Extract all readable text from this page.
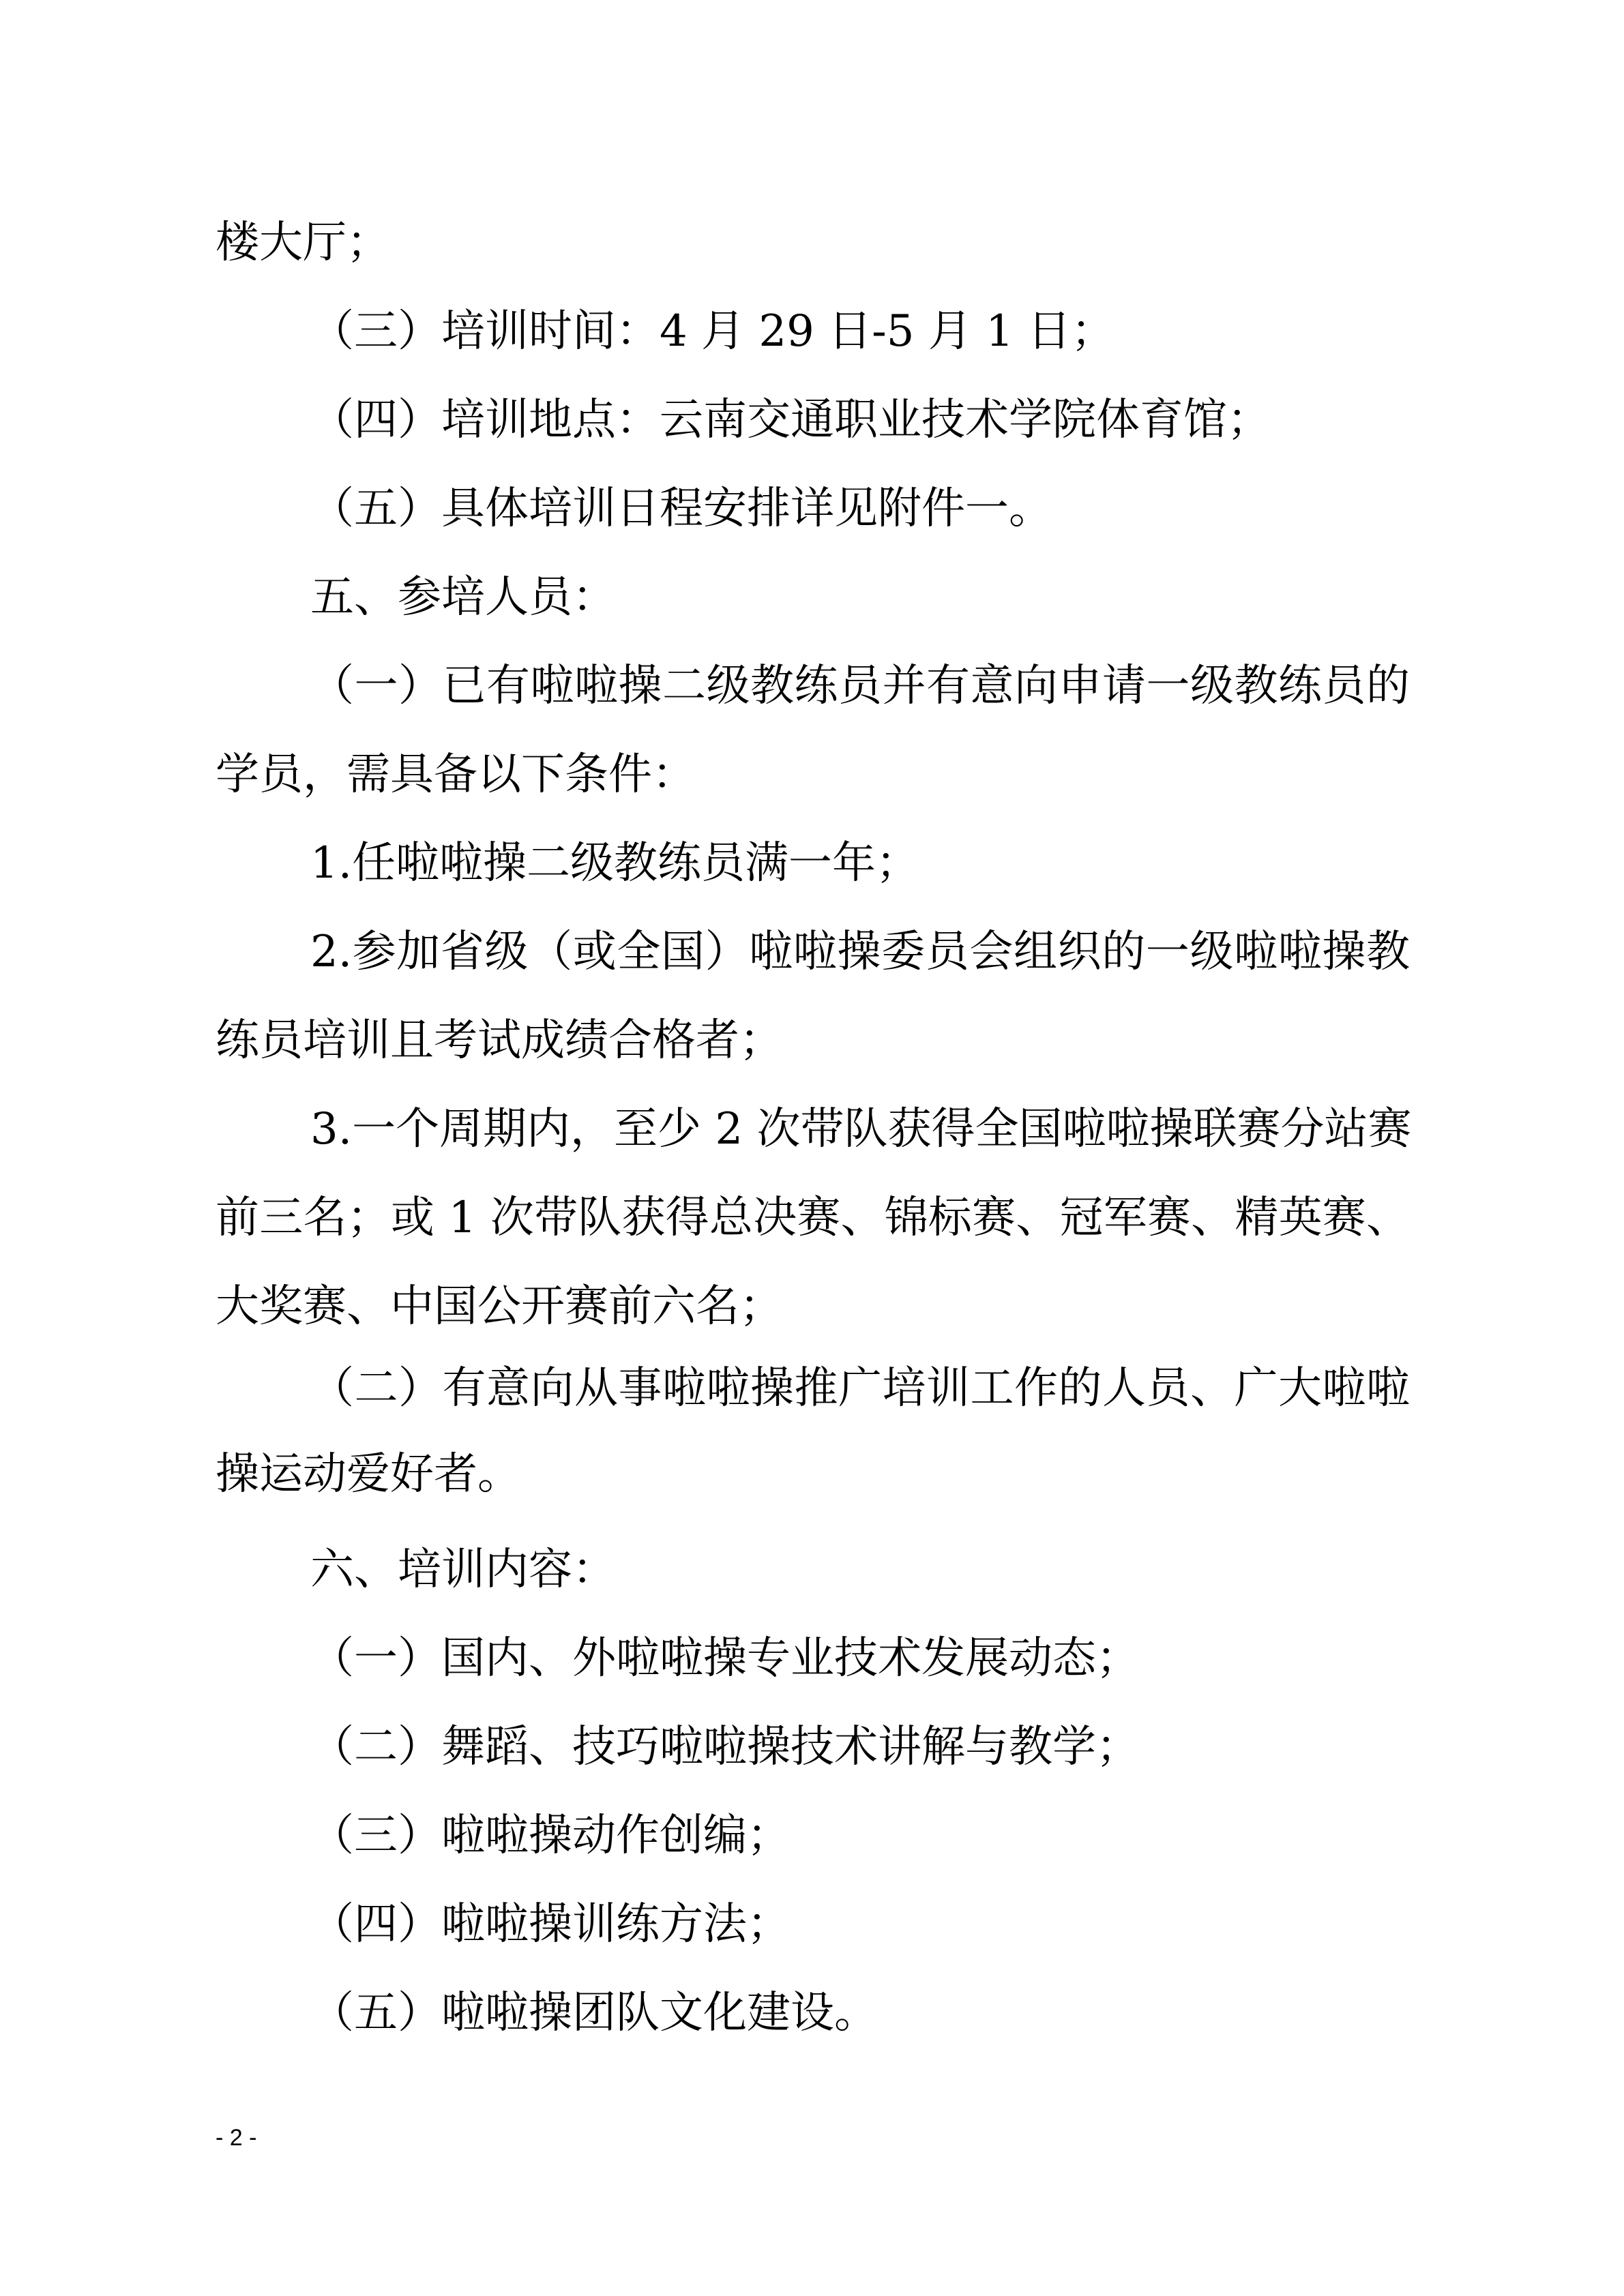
楼大厅；

（三）培训时间：4 月 29 日-5 月 1 日；

（四）培训地点：云南交通职业技术学院体育馆；

（五）具体培训日程安排详见附件一。

五、参培人员：

（一）已有啦啦操二级教练员并有意向申请一级教练员的

学员，需具备以下条件：

1.任啦啦操二级教练员满一年；

2.参加省级（或全国）啦啦操委员会组织的一级啦啦操教

练员培训且考试成绩合格者；

3.一个周期内，至少 2 次带队获得全国啦啦操联赛分站赛

前三名；或 1 次带队获得总决赛、锦标赛、冠军赛、精英赛、

大奖赛、中国公开赛前六名；

（二）有意向从事啦啦操推广培训工作的人员、广大啦啦

操运动爱好者。

六、培训内容：

（一）国内、外啦啦操专业技术发展动态；

（二）舞蹈、技巧啦啦操技术讲解与教学；

（三）啦啦操动作创编；

（四）啦啦操训练方法；

（五）啦啦操团队文化建设。

- 2 -
